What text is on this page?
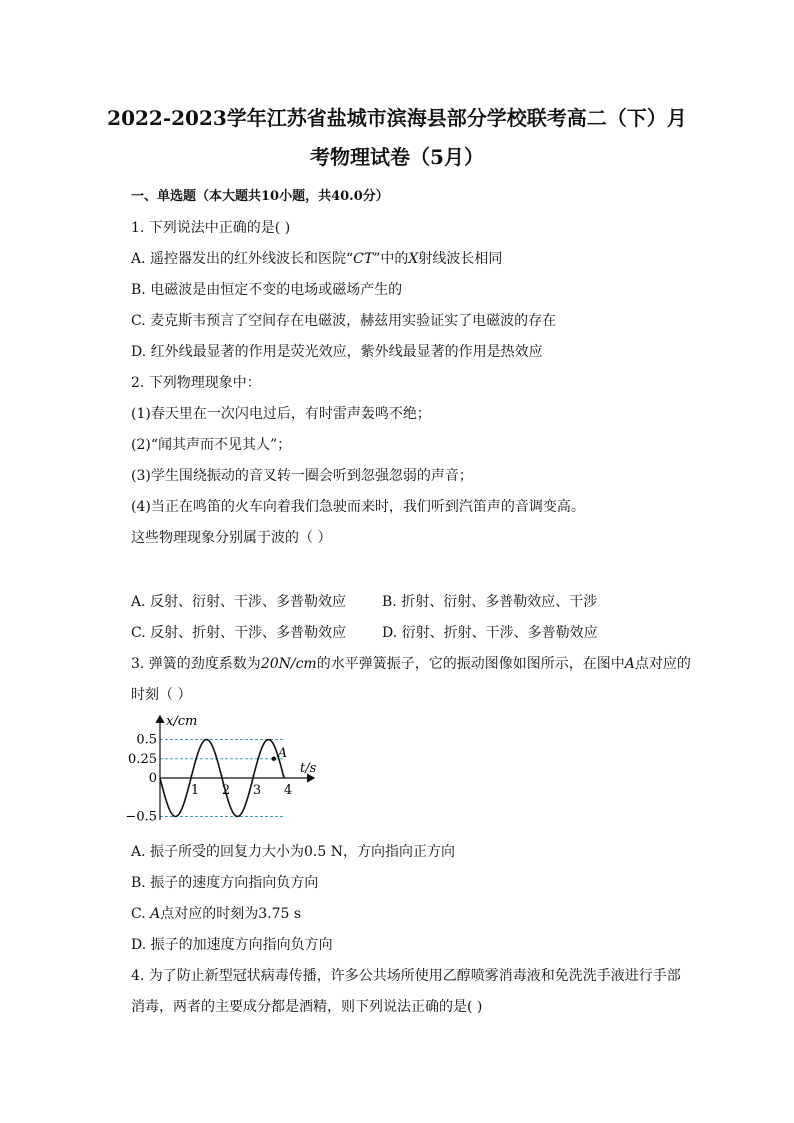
2022-2023学年江苏省盐城市滨海县部分学校联考高二（下）月
考物理试卷（5月）
一、单选题（本大题共10小题，共40.0分）
1. 下列说法中正确的是( )
A. 遥控器发出的红外线波长和医院“CT”中的X射线波长相同
B. 电磁波是由恒定不变的电场或磁场产生的
C. 麦克斯韦预言了空间存在电磁波，赫兹用实验证实了电磁波的存在
D. 红外线最显著的作用是荧光效应，紫外线最显著的作用是热效应
2. 下列物理现象中：
(1)春天里在一次闪电过后，有时雷声轰鸣不绝；
(2)“闻其声而不见其人”；
(3)学生围绕振动的音叉转一圈会听到忽强忽弱的声音；
(4)当正在鸣笛的火车向着我们急驶而来时，我们听到汽笛声的音调变高。
这些物理现象分别属于波的（ ）
A. 反射、衍射、干涉、多普勒效应	B. 折射、衍射、多普勒效应、干涉
C. 反射、折射、干涉、多普勒效应	D. 衍射、折射、干涉、多普勒效应
3. 弹簧的劲度系数为20N/cm的水平弹簧振子，它的振动图像如图所示，在图中A点对应的
时刻（ ）
0.5
0.25
0
−0.5
1 2 3 4
x/cm
t/s
A
A. 振子所受的回复力大小为0.5 N，方向指向正方向
B. 振子的速度方向指向负方向
C. A点对应的时刻为3.75 s
D. 振子的加速度方向指向负方向
4. 为了防止新型冠状病毒传播，许多公共场所使用乙醇喷雾消毒液和免洗洗手液进行手部
消毒，两者的主要成分都是酒精，则下列说法正确的是( )
